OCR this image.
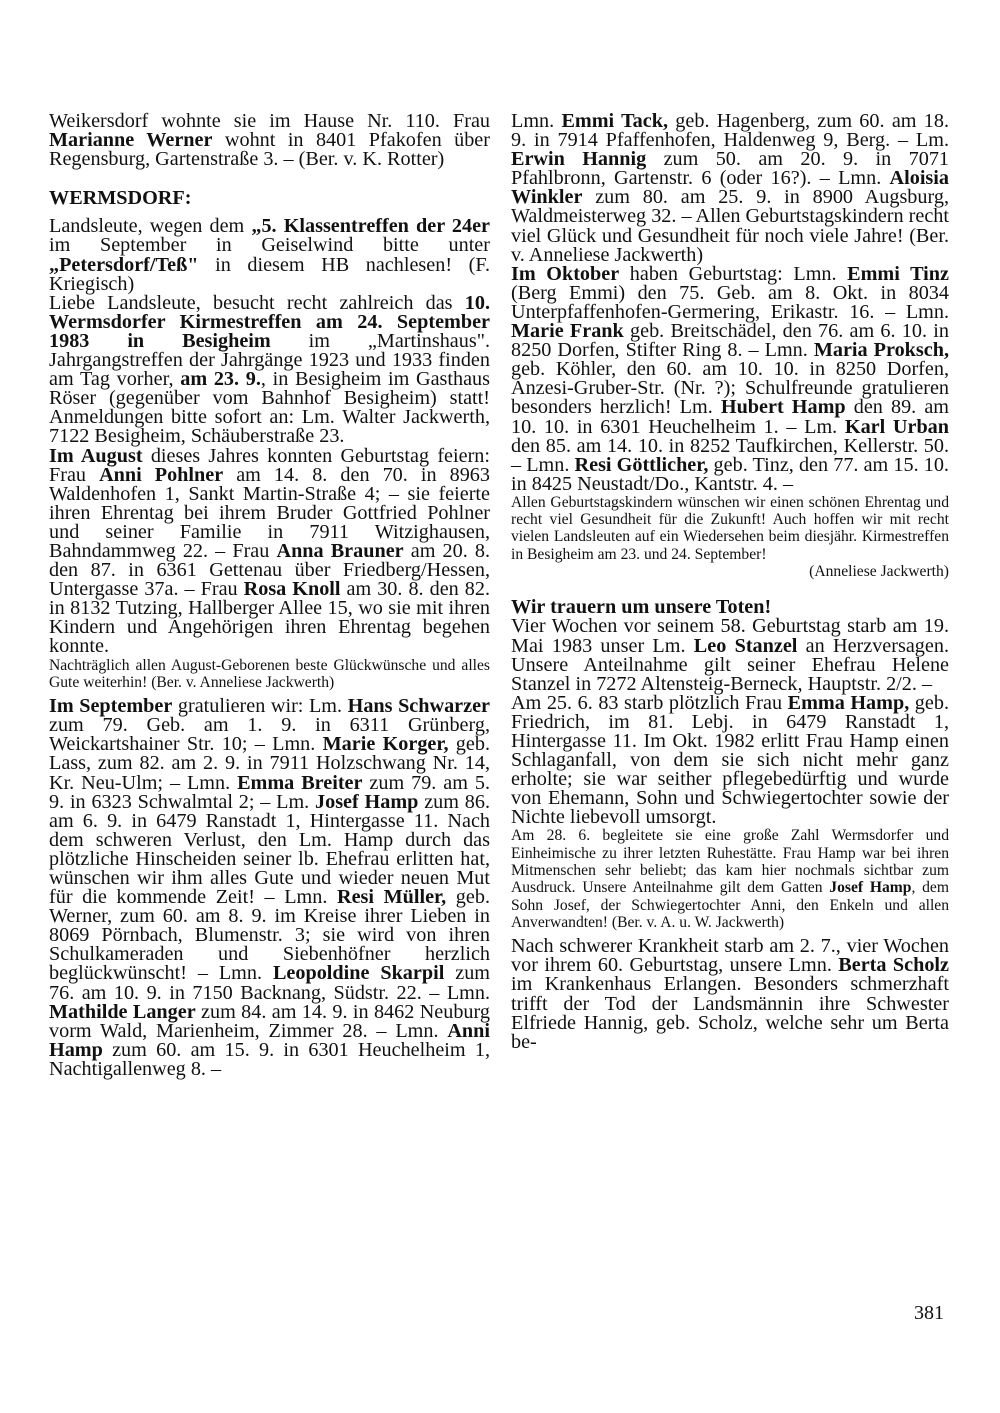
Weikersdorf wohnte sie im Hause Nr. 110. Frau Marianne Werner wohnt in 8401 Pfakofen über Regensburg, Gartenstraße 3. – (Ber. v. K. Rotter)

WERMSDORF:

Landsleute, wegen dem „5. Klassentreffen der 24er im September in Geiselwind bitte unter „Petersdorf/Teß" in diesem HB nachlesen! (F. Kriegisch)

Liebe Landsleute, besucht recht zahlreich das 10. Wermsdorfer Kirmestreffen am 24. September 1983 in Besigheim im „Martinshaus". Jahrgangstreffen der Jahrgänge 1923 und 1933 finden am Tag vorher, am 23. 9., in Besigheim im Gasthaus Röser (gegenüber vom Bahnhof Besigheim) statt! Anmeldungen bitte sofort an: Lm. Walter Jackwerth, 7122 Besigheim, Schäuberstraße 23.

Im August dieses Jahres konnten Geburtstag feiern: Frau Anni Pohlner am 14. 8. den 70. in 8963 Waldenhofen 1, Sankt Martin-Straße 4; – sie feierte ihren Ehrentag bei ihrem Bruder Gottfried Pohlner und seiner Familie in 7911 Witzighausen, Bahndammweg 22. – Frau Anna Brauner am 20. 8. den 87. in 6361 Gettenau über Friedberg/Hessen, Untergasse 37a. – Frau Rosa Knoll am 30. 8. den 82. in 8132 Tutzing, Hallberger Allee 15, wo sie mit ihren Kindern und Angehörigen ihren Ehrentag begehen konnte.

Nachträglich allen August-Geborenen beste Glückwünsche und alles Gute weiterhin! (Ber. v. Anneliese Jackwerth)

Im September gratulieren wir: Lm. Hans Schwarzer zum 79. Geb. am 1. 9. in 6311 Grünberg, Weickartshainer Str. 10; – Lmn. Marie Korger, geb. Lass, zum 82. am 2. 9. in 7911 Holzschwang Nr. 14, Kr. Neu-Ulm; – Lmn. Emma Breiter zum 79. am 5. 9. in 6323 Schwalmtal 2; – Lm. Josef Hamp zum 86. am 6. 9. in 6479 Ranstadt 1, Hintergasse 11. Nach dem schweren Verlust, den Lm. Hamp durch das plötzliche Hinscheiden seiner lb. Ehefrau erlitten hat, wünschen wir ihm alles Gute und wieder neuen Mut für die kommende Zeit! – Lmn. Resi Müller, geb. Werner, zum 60. am 8. 9. im Kreise ihrer Lieben in 8069 Pörnbach, Blumenstr. 3; sie wird von ihren Schulkameraden und Siebenhöfner herzlich beglückwünscht! – Lmn. Leopoldine Skarpil zum 76. am 10. 9. in 7150 Backnang, Südstr. 22. – Lmn. Mathilde Langer zum 84. am 14. 9. in 8462 Neuburg vorm Wald, Marienheim, Zimmer 28. – Lmn. Anni Hamp zum 60. am 15. 9. in 6301 Heuchelheim 1, Nachtigallenweg 8. –

Lmn. Emmi Tack, geb. Hagenberg, zum 60. am 18. 9. in 7914 Pfaffenhofen, Haldenweg 9, Berg. – Lm. Erwin Hannig zum 50. am 20. 9. in 7071 Pfahlbronn, Gartenstr. 6 (oder 16?). – Lmn. Aloisia Winkler zum 80. am 25. 9. in 8900 Augsburg, Waldmeisterweg 32. – Allen Geburtstagskindern recht viel Glück und Gesundheit für noch viele Jahre! (Ber. v. Anneliese Jackwerth)

Im Oktober haben Geburtstag: Lmn. Emmi Tinz (Berg Emmi) den 75. Geb. am 8. Okt. in 8034 Unterpfaffenhofen-Germering, Erikastr. 16. – Lmn. Marie Frank geb. Breitschädel, den 76. am 6. 10. in 8250 Dorfen, Stifter Ring 8. – Lmn. Maria Proksch, geb. Köhler, den 60. am 10. 10. in 8250 Dorfen, Anzesi-Gruber-Str. (Nr. ?); Schulfreunde gratulieren besonders herzlich! Lm. Hubert Hamp den 89. am 10. 10. in 6301 Heuchelheim 1. – Lm. Karl Urban den 85. am 14. 10. in 8252 Taufkirchen, Kellerstr. 50. – Lmn. Resi Göttlicher, geb. Tinz, den 77. am 15. 10. in 8425 Neustadt/Do., Kantstr. 4. –

Allen Geburtstagskindern wünschen wir einen schönen Ehrentag und recht viel Gesundheit für die Zukunft! Auch hoffen wir mit recht vielen Landsleuten auf ein Wiedersehen beim diesjähr. Kirmestreffen in Besigheim am 23. und 24. September!

(Anneliese Jackwerth)

Wir trauern um unsere Toten!

Vier Wochen vor seinem 58. Geburtstag starb am 19. Mai 1983 unser Lm. Leo Stanzel an Herzversagen. Unsere Anteilnahme gilt seiner Ehefrau Helene Stanzel in 7272 Altensteig-Berneck, Hauptstr. 2/2. –

Am 25. 6. 83 starb plötzlich Frau Emma Hamp, geb. Friedrich, im 81. Lebj. in 6479 Ranstadt 1, Hintergasse 11. Im Okt. 1982 erlitt Frau Hamp einen Schlaganfall, von dem sie sich nicht mehr ganz erholte; sie war seither pflegebedürftig und wurde von Ehemann, Sohn und Schwiegertochter sowie der Nichte liebevoll umsorgt.

Am 28. 6. begleitete sie eine große Zahl Wermsdorfer und Einheimische zu ihrer letzten Ruhestätte. Frau Hamp war bei ihren Mitmenschen sehr beliebt; das kam hier nochmals sichtbar zum Ausdruck. Unsere Anteilnahme gilt dem Gatten Josef Hamp, dem Sohn Josef, der Schwiegertochter Anni, den Enkeln und allen Anverwandten! (Ber. v. A. u. W. Jackwerth)

Nach schwerer Krankheit starb am 2. 7., vier Wochen vor ihrem 60. Geburtstag, unsere Lmn. Berta Scholz im Krankenhaus Erlangen. Besonders schmerzhaft trifft der Tod der Landsmännin ihre Schwester Elfriede Hannig, geb. Scholz, welche sehr um Berta be-

381
